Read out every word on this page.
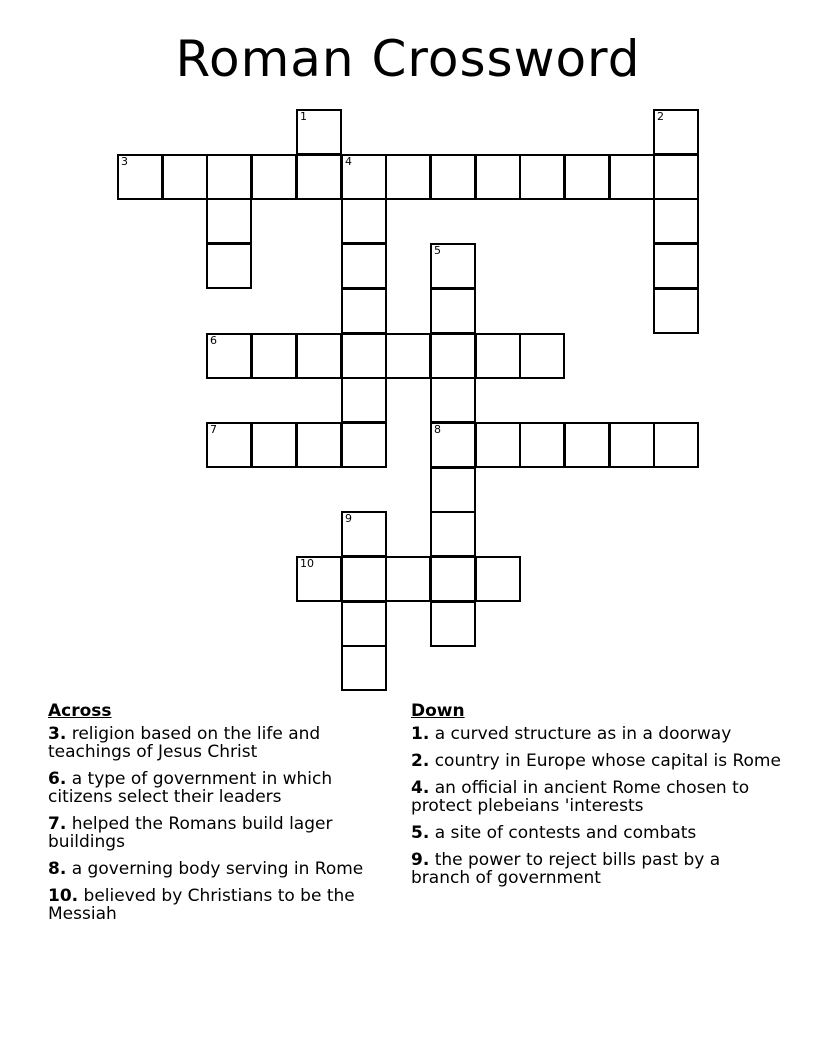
Roman Crossword
1	2
3	4
5
6
7	8
9
10
Across
3. religion based on the life and teachings of Jesus Christ
6. a type of government in which citizens select their leaders
7. helped the Romans build lager buildings
8. a governing body serving in Rome
10. believed by Christians to be the Messiah
Down
1. a curved structure as in a doorway
2. country in Europe whose capital is Rome
4. an official in ancient Rome chosen to protect plebeians 'interests
5. a site of contests and combats
9. the power to reject bills past by a branch of government
